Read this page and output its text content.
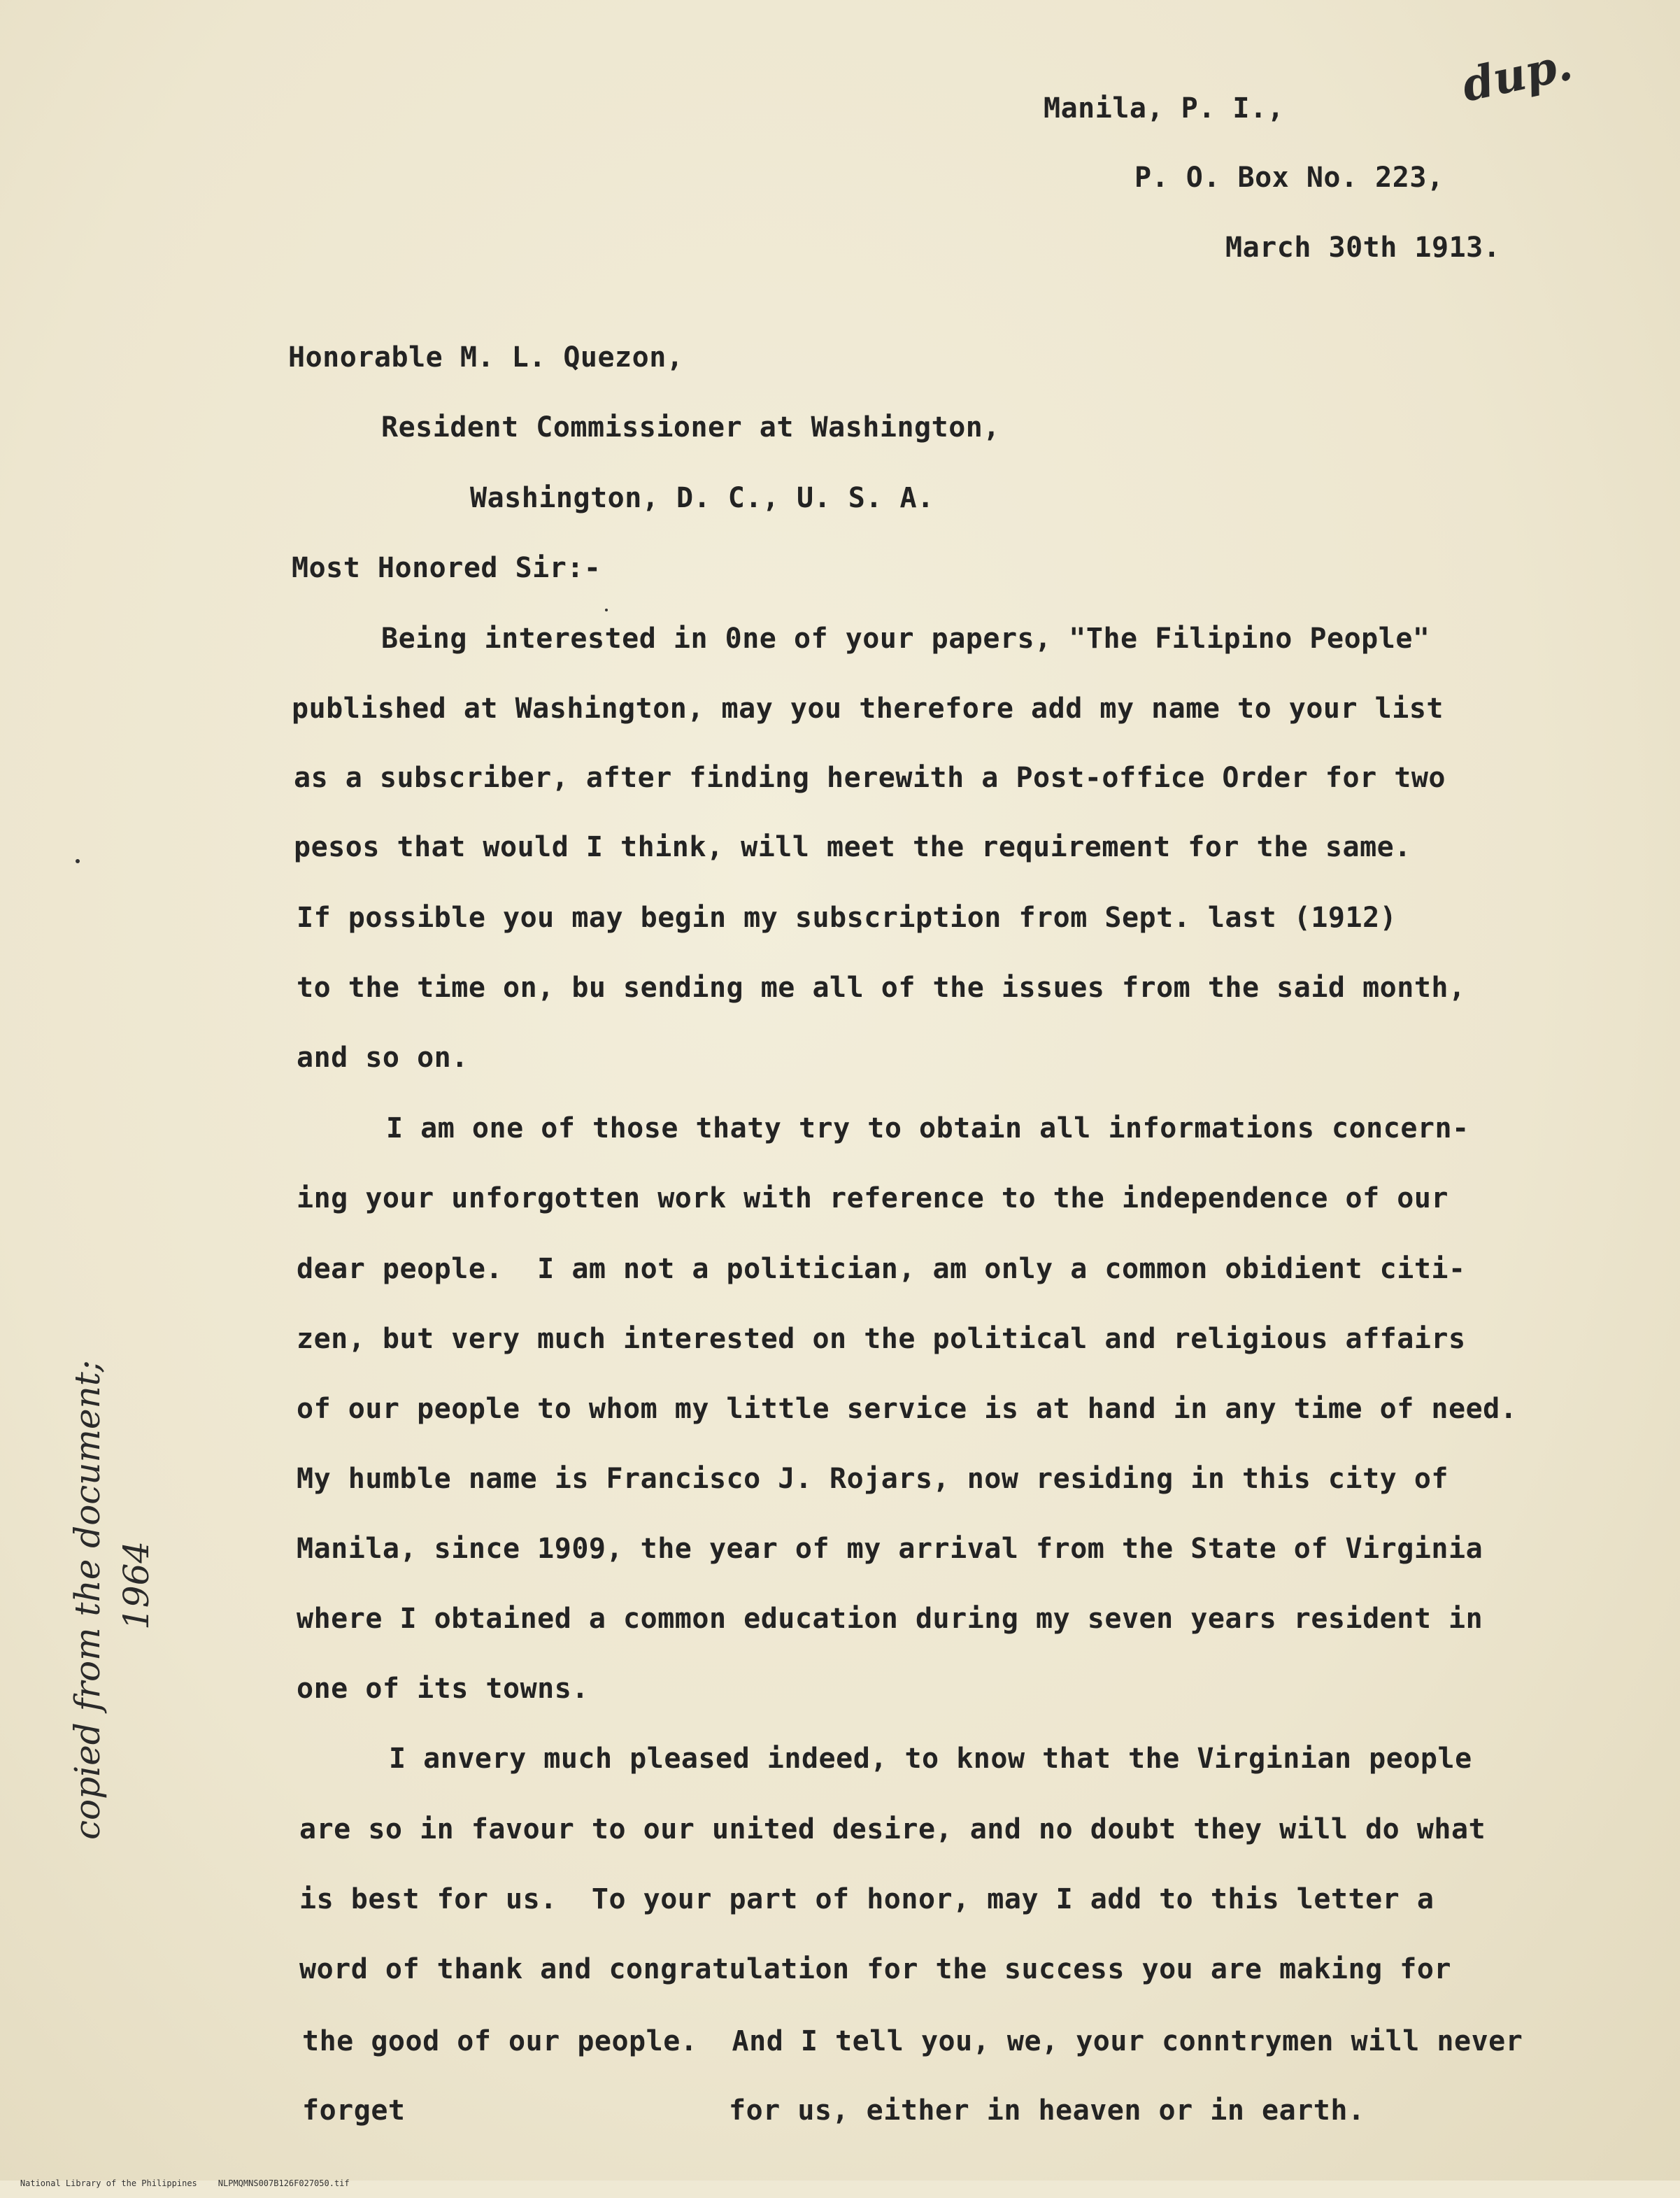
dup.
copied from the document; 1964
Manila, P. I.,
P. O. Box No. 223,
March 30th 1913.
Honorable M. L. Quezon,
Resident Commissioner at Washington,
Washington, D. C., U. S. A.
Most Honored Sir:-
Being interested in 0ne of your papers, "The Filipino People"
published at Washington, may you therefore add my name to your list
as a subscriber, after finding herewith a Post-office Order for two
pesos that would I think, will meet the requirement for the same.
If possible you may begin my subscription from Sept. last (1912)
to the time on, bu sending me all of the issues from the said month,
and so on.
I am one of those thaty try to obtain all informations concern-
ing your unforgotten work with reference to the independence of our
dear people.  I am not a politician, am only a common obidient citi-
zen, but very much interested on the political and religious affairs
of our people to whom my little service is at hand in any time of need.
My humble name is Francisco J. Rojars, now residing in this city of
Manila, since 1909, the year of my arrival from the State of Virginia
where I obtained a common education during my seven years resident in
one of its towns.
I anvery much pleased indeed, to know that the Virginian people
are so in favour to our united desire, and no doubt they will do what
is best for us.  To your part of honor, may I add to this letter a
word of thank and congratulation for the success you are making for
the good of our people.  And I tell you, we, your conntrymen will never
forget	for us, either in heaven or in earth.

National Library of the Philippines	NLPMQMNS007B126F027050.tif
